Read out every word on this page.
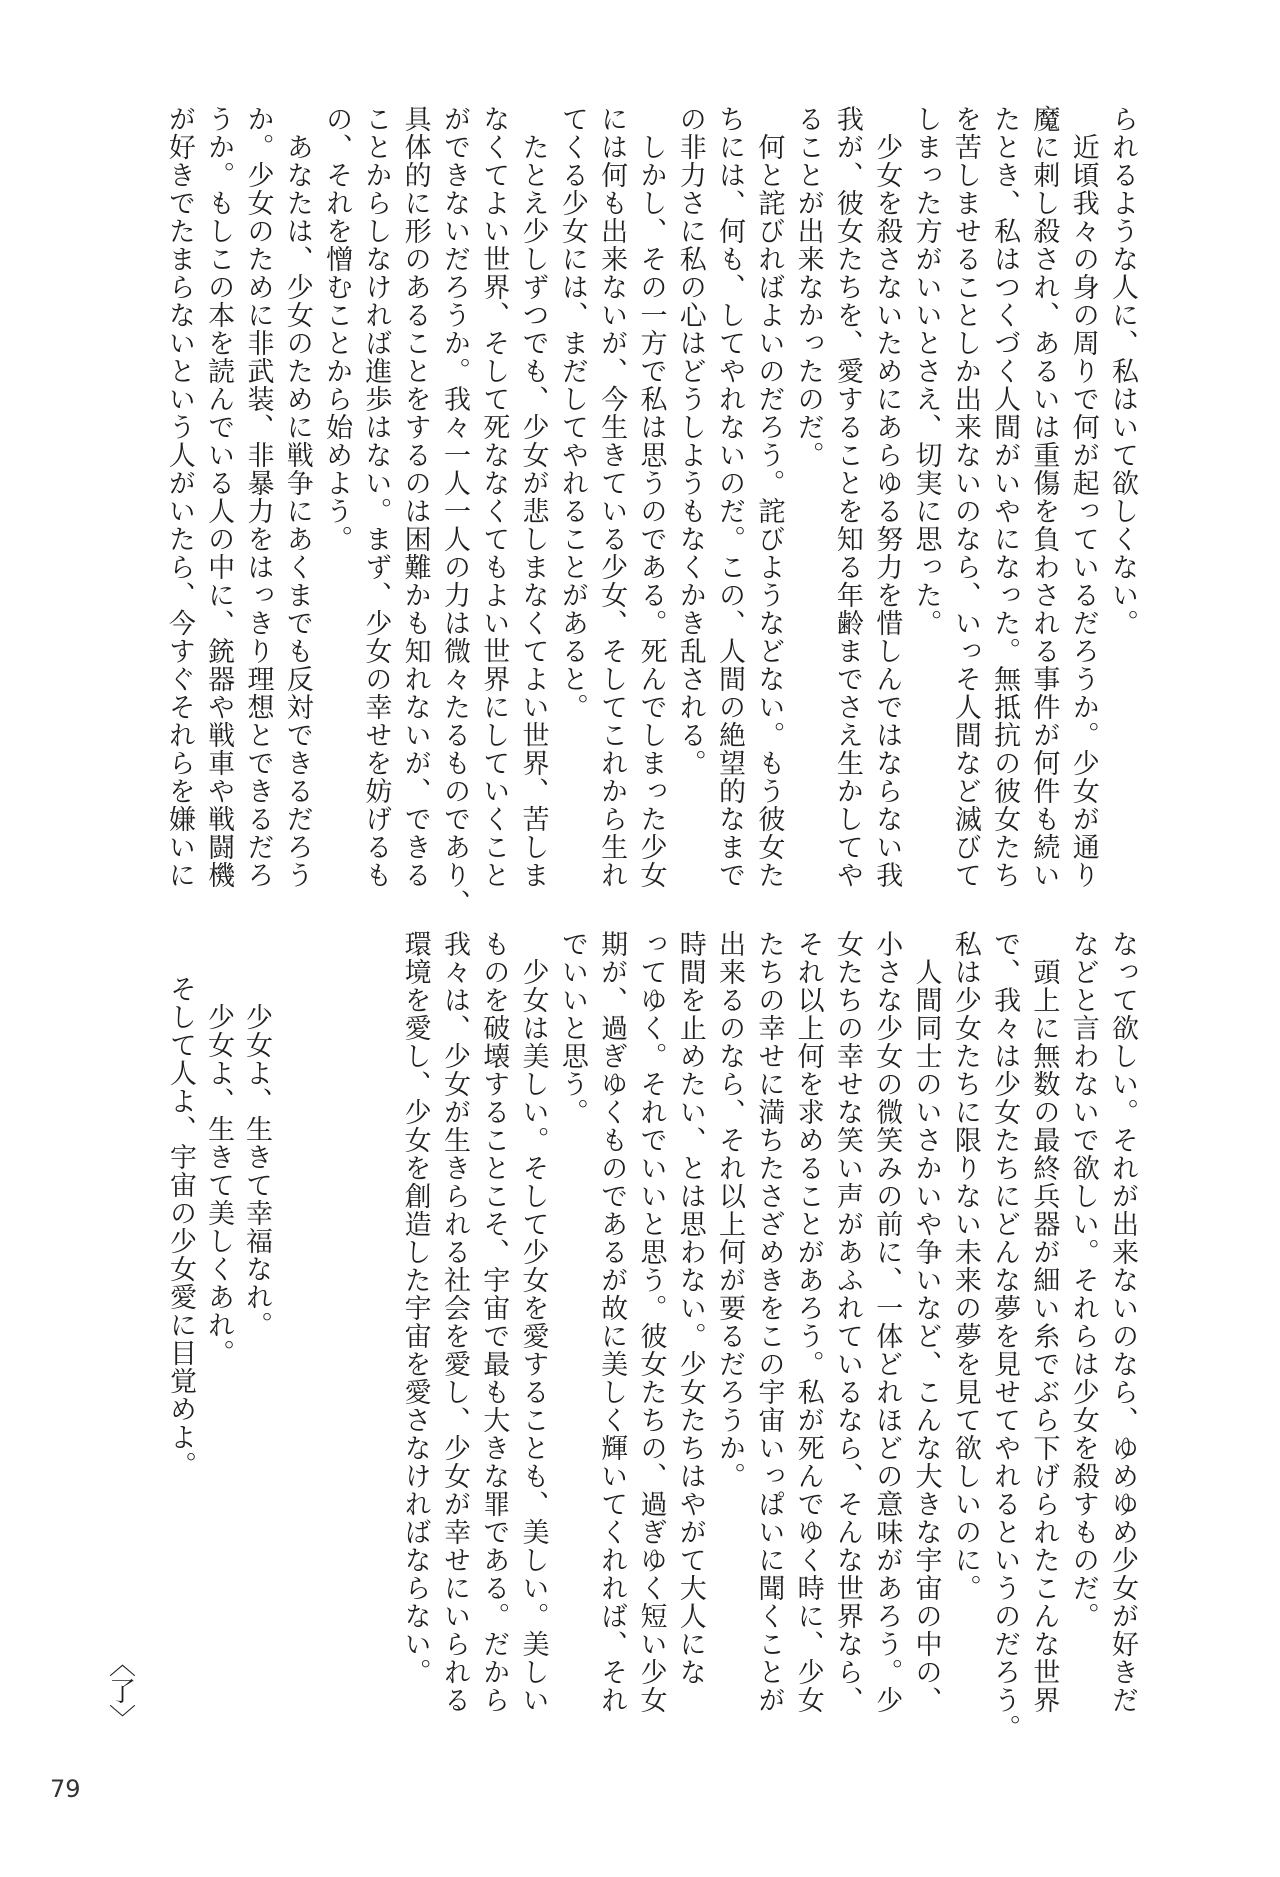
られるような人に、私はいて欲しくない。
　近頃我々の身の周りで何が起っているだろうか。少女が通り
魔に刺し殺され、あるいは重傷を負わされる事件が何件も続い
たとき、私はつくづく人間がいやになった。無抵抗の彼女たち
を苦しませることしか出来ないのなら、いっそ人間など滅びて
しまった方がいいとさえ、切実に思った。
　少女を殺さないためにあらゆる努力を惜しんではならない我
我が、彼女たちを、愛することを知る年齢までさえ生かしてや
ることが出来なかったのだ。
　何と詫びればよいのだろう。詫びようなどない。もう彼女た
ちには、何も、してやれないのだ。この、人間の絶望的なまで
の非力さに私の心はどうしようもなくかき乱される。
　しかし、その一方で私は思うのである。死んでしまった少女
には何も出来ないが、今生きている少女、そしてこれから生れ
てくる少女には、まだしてやれることがあると。
　たとえ少しずつでも、少女が悲しまなくてよい世界、苦しま
なくてよい世界、そして死ななくてもよい世界にしていくこと
ができないだろうか。我々一人一人の力は微々たるものであり、
具体的に形のあることをするのは困難かも知れないが、できる
ことからしなければ進歩はない。まず、少女の幸せを妨げるも
の、それを憎むことから始めよう。
　あなたは、少女のために戦争にあくまでも反対できるだろう
か。少女のために非武装、非暴力をはっきり理想とできるだろ
うか。もしこの本を読んでいる人の中に、銃器や戦車や戦闘機
が好きでたまらないという人がいたら、今すぐそれらを嫌いに
なって欲しい。それが出来ないのなら、ゆめゆめ少女が好きだ
などと言わないで欲しい。それらは少女を殺すものだ。
　頭上に無数の最終兵器が細い糸でぶら下げられたこんな世界
で、我々は少女たちにどんな夢を見せてやれるというのだろう。
私は少女たちに限りない未来の夢を見て欲しいのに。
　人間同士のいさかいや争いなど、こんな大きな宇宙の中の、
小さな少女の微笑みの前に、一体どれほどの意味があろう。少
女たちの幸せな笑い声があふれているなら、そんな世界なら、
それ以上何を求めることがあろう。私が死んでゆく時に、少女
たちの幸せに満ちたさざめきをこの宇宙いっぱいに聞くことが
出来るのなら、それ以上何が要るだろうか。
時間を止めたい、とは思わない。少女たちはやがて大人にな
ってゆく。それでいいと思う。彼女たちの、過ぎゆく短い少女
期が、過ぎゆくものであるが故に美しく輝いてくれれば、それ
でいいと思う。
　少女は美しい。そして少女を愛することも、美しい。美しい
ものを破壊することこそ、宇宙で最も大きな罪である。だから
我々は、少女が生きられる社会を愛し、少女が幸せにいられる
環境を愛し、少女を創造した宇宙を愛さなければならない。
　少女よ、生きて幸福なれ。
　少女よ、生きて美しくあれ。
そして人よ、宇宙の少女愛に目覚めよ。
〈了〉
79
